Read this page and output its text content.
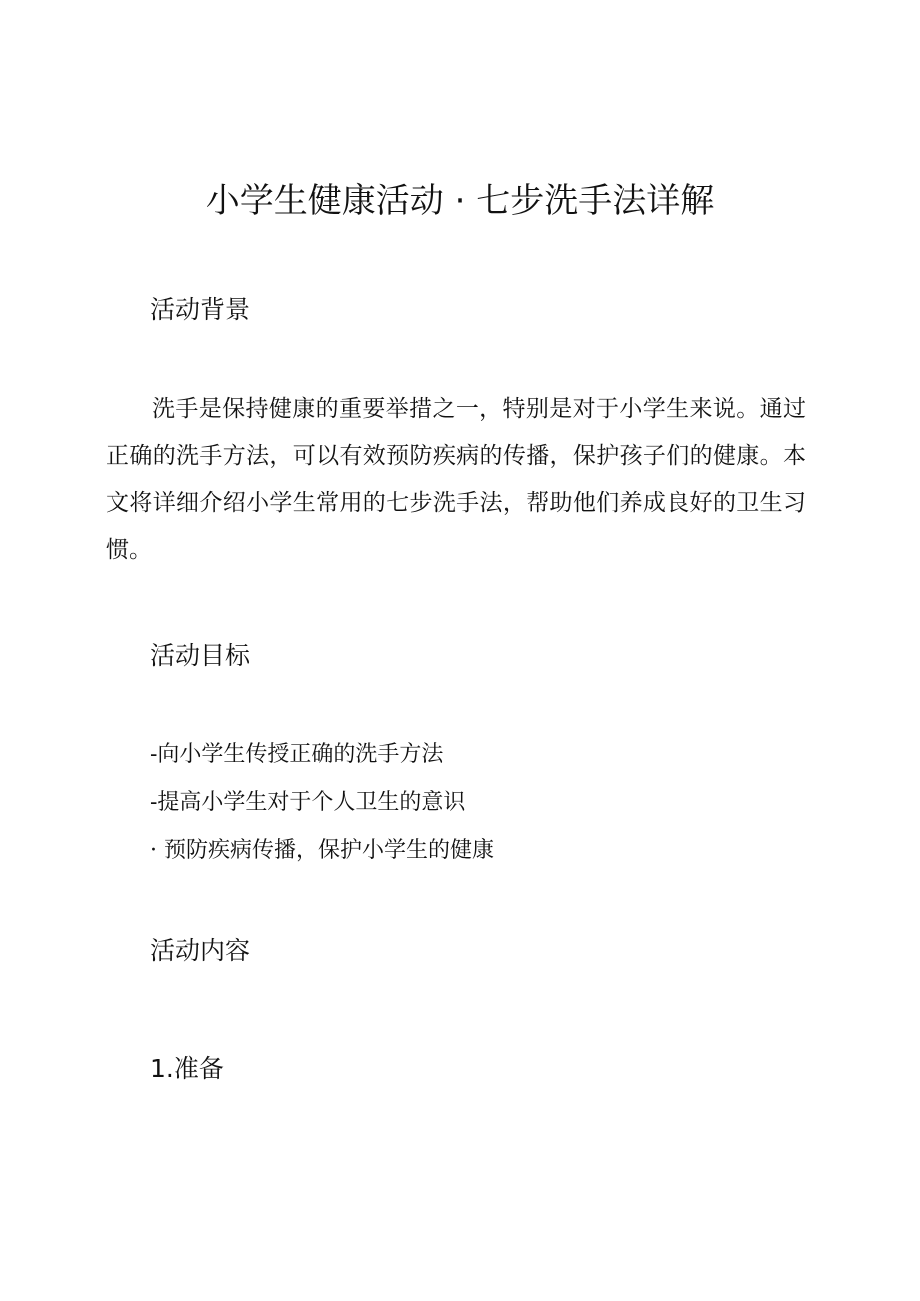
小学生健康活动 · 七步洗手法详解
活动背景

洗手是保持健康的重要举措之一，特别是对于小学生来说。通过正确的洗手方法，可以有效预防疾病的传播，保护孩子们的健康。本文将详细介绍小学生常用的七步洗手法，帮助他们养成良好的卫生习惯。

活动目标
-向小学生传授正确的洗手方法
-提高小学生对于个人卫生的意识
· 预防疾病传播，保护小学生的健康
活动内容
1.准备
